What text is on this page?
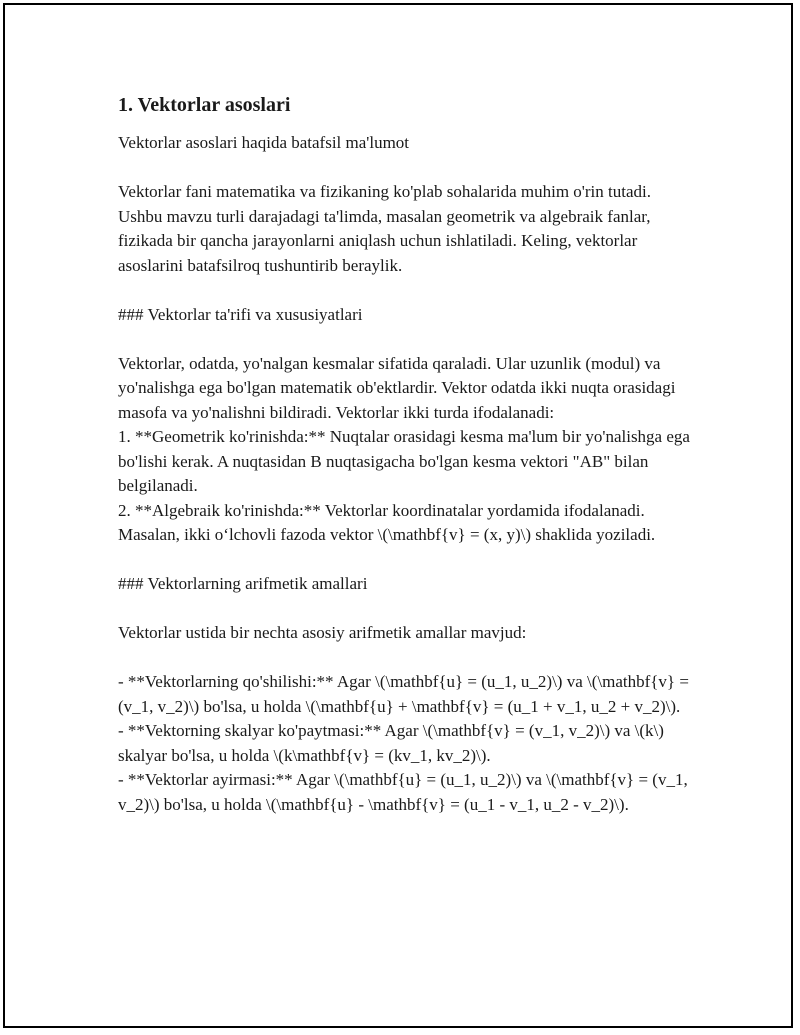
1. Vektorlar asoslari

Vektorlar asoslari haqida batafsil ma'lumot

Vektorlar fani matematika va fizikaning ko'plab sohalarida muhim o'rin tutadi. Ushbu mavzu turli darajadagi ta'limda, masalan geometrik va algebraik fanlar, fizikada bir qancha jarayonlarni aniqlash uchun ishlatiladi. Keling, vektorlar asoslarini batafsilroq tushuntirib beraylik.

### Vektorlar ta'rifi va xususiyatlari

Vektorlar, odatda, yo'nalgan kesmalar sifatida qaraladi. Ular uzunlik (modul) va yo'nalishga ega bo'lgan matematik ob'ektlardir. Vektor odatda ikki nuqta orasidagi masofa va yo'nalishni bildiradi. Vektorlar ikki turda ifodalanadi:
1. **Geometrik ko'rinishda:** Nuqtalar orasidagi kesma ma'lum bir yo'nalishga ega bo'lishi kerak. A nuqtasidan B nuqtasigacha bo'lgan kesma vektori "AB" bilan belgilanadi.
2. **Algebraik ko'rinishda:** Vektorlar koordinatalar yordamida ifodalanadi. Masalan, ikki o‘lchovli fazoda vektor \(\mathbf{v} = (x, y)\) shaklida yoziladi.

### Vektorlarning arifmetik amallari

Vektorlar ustida bir nechta asosiy arifmetik amallar mavjud:

- **Vektorlarning qo'shilishi:** Agar \(\mathbf{u} = (u_1, u_2)\) va \(\mathbf{v} = (v_1, v_2)\) bo'lsa, u holda \(\mathbf{u} + \mathbf{v} = (u_1 + v_1, u_2 + v_2)\).
- **Vektorning skalyar ko'paytmasi:** Agar \(\mathbf{v} = (v_1, v_2)\) va \(k\) skalyar bo'lsa, u holda \(k\mathbf{v} = (kv_1, kv_2)\).
- **Vektorlar ayirmasi:** Agar \(\mathbf{u} = (u_1, u_2)\) va \(\mathbf{v} = (v_1, v_2)\) bo'lsa, u holda \(\mathbf{u} - \mathbf{v} = (u_1 - v_1, u_2 - v_2)\).
